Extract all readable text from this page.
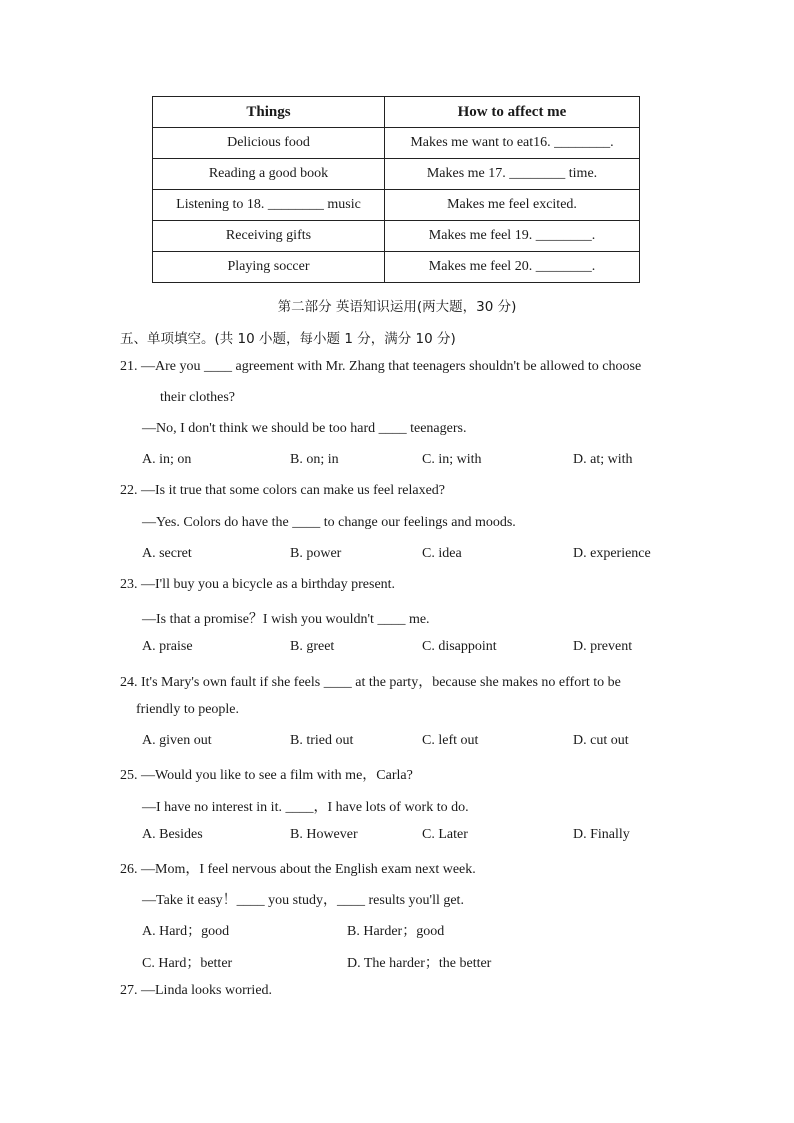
Things	How to affect me
Delicious food	Makes me want to eat16. ________.
Reading a good book	Makes me 17. ________ time.
Listening to 18. ________ music	Makes me feel excited.
Receiving gifts	Makes me feel 19. ________.
Playing soccer	Makes me feel 20. ________.
第二部分 英语知识运用(两大题，30 分)
五、单项填空。(共 10 小题，每小题 1 分，满分 10 分)
21. —Are you ____ agreement with Mr. Zhang that teenagers shouldn't be allowed to choose
their clothes?
—No, I don't think we should be too hard ____ teenagers.
A. in; on	B. on; in	C. in; with	D. at; with
22. —Is it true that some colors can make us feel relaxed?
—Yes. Colors do have the ____ to change our feelings and moods.
A. secret	B. power	C. idea	D. experience
23. —I'll buy you a bicycle as a birthday present.
—Is that a promise？I wish you wouldn't ____ me.
A. praise	B. greet	C. disappoint	D. prevent
24. It's Mary's own fault if she feels ____ at the party，because she makes no effort to be
friendly to people.
A. given out	B. tried out	C. left out	D. cut out
25. —Would you like to see a film with me，Carla?
—I have no interest in it. ____，I have lots of work to do.
A. Besides	B. However	C. Later	D. Finally
26. —Mom，I feel nervous about the English exam next week.
—Take it easy！____ you study，____ results you'll get.
A. Hard；good	B. Harder；good
C. Hard；better	D. The harder；the better
27. —Linda looks worried.
